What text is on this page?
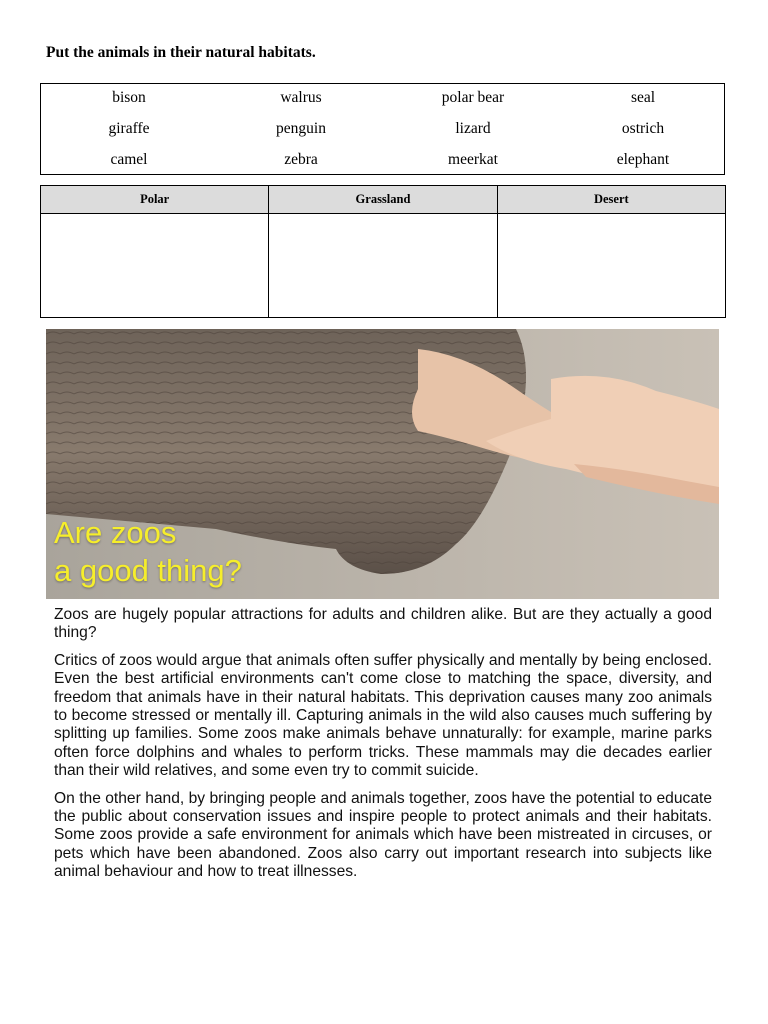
Put the animals in their natural habitats.
bison	walrus	polar bear	seal
giraffe	penguin	lizard	ostrich
camel	zebra	meerkat	elephant
Polar	Grassland	Desert

Are zoos
a good thing?

Zoos are hugely popular attractions for adults and children alike. But are they actually a good thing?

Critics of zoos would argue that animals often suffer physically and mentally by being enclosed. Even the best artificial environments can't come close to matching the space, diversity, and freedom that animals have in their natural habitats. This deprivation causes many zoo animals to become stressed or mentally ill. Capturing animals in the wild also causes much suffering by splitting up families. Some zoos make animals behave unnaturally: for example, marine parks often force dolphins and whales to perform tricks. These mammals may die decades earlier than their wild relatives, and some even try to commit suicide.

On the other hand, by bringing people and animals together, zoos have the potential to educate the public about conservation issues and inspire people to protect animals and their habitats. Some zoos provide a safe environment for animals which have been mistreated in circuses, or pets which have been abandoned. Zoos also carry out important research into subjects like animal behaviour and how to treat illnesses.
